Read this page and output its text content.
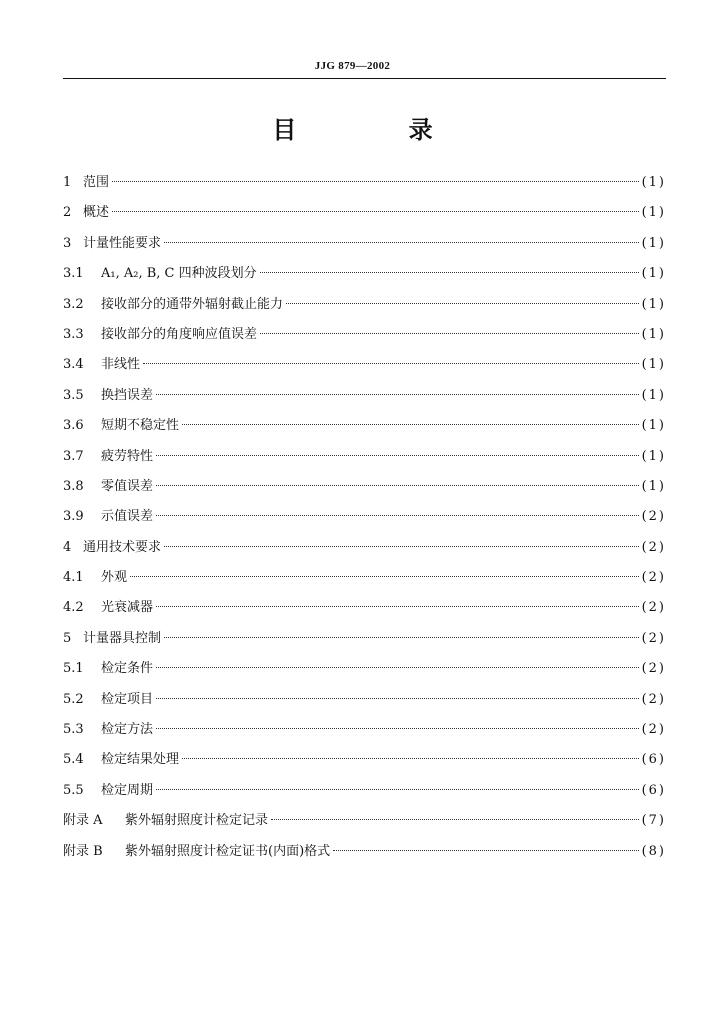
JJG 879—2002
目 录
1 范围	(1)
2 概述	(1)
3 计量性能要求	(1)
3.1	A₁, A₂, B, C 四种波段划分	(1)
3.2	接收部分的通带外辐射截止能力	(1)
3.3	接收部分的角度响应值误差	(1)
3.4	非线性	(1)
3.5	换挡误差	(1)
3.6	短期不稳定性	(1)
3.7	疲劳特性	(1)
3.8	零值误差	(1)
3.9	示值误差	(2)
4 通用技术要求	(2)
4.1	外观	(2)
4.2	光衰减器	(2)
5 计量器具控制	(2)
5.1	检定条件	(2)
5.2	检定项目	(2)
5.3	检定方法	(2)
5.4	检定结果处理	(6)
5.5	检定周期	(6)
附录 A	紫外辐射照度计检定记录	(7)
附录 B	紫外辐射照度计检定证书(内面)格式	(8)
